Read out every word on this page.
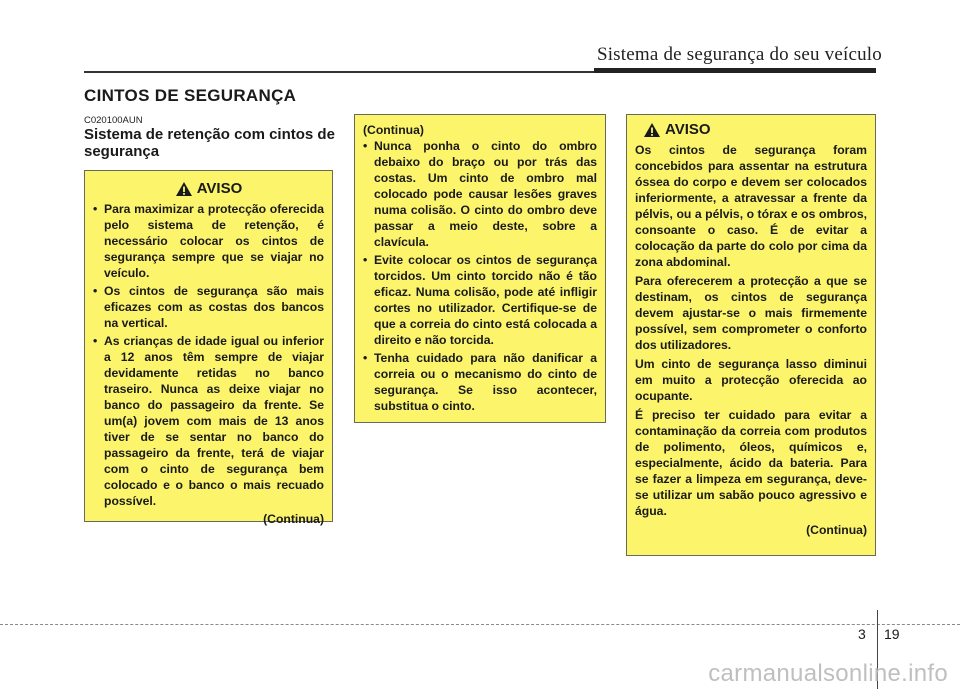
Sistema de segurança do seu veículo
CINTOS DE SEGURANÇA
C020100AUN
Sistema de retenção com cintos de segurança
AVISO
• Para maximizar a protecção oferecida pelo sistema de retenção, é necessário colocar os cintos de segurança sempre que se viajar no veículo.
• Os cintos de segurança são mais eficazes com as costas dos bancos na vertical.
• As crianças de idade igual ou inferior a 12 anos têm sempre de viajar devidamente retidas no banco traseiro. Nunca as deixe viajar no banco do passageiro da frente. Se um(a) jovem com mais de 13 anos tiver de se sentar no banco do passageiro da frente, terá de viajar com o cinto de segurança bem colocado e o banco o mais recuado possível.
(Continua)
(Continua)
• Nunca ponha o cinto do ombro debaixo do braço ou por trás das costas. Um cinto de ombro mal colocado pode causar lesões graves numa colisão. O cinto do ombro deve passar a meio deste, sobre a clavícula.
• Evite colocar os cintos de segurança torcidos. Um cinto torcido não é tão eficaz. Numa colisão, pode até infligir cortes no utilizador. Certifique-se de que a correia do cinto está colocada a direito e não torcida.
• Tenha cuidado para não danificar a correia ou o mecanismo do cinto de segurança. Se isso acontecer, substitua o cinto.
AVISO
Os cintos de segurança foram concebidos para assentar na estrutura óssea do corpo e devem ser colocados inferiormente, a atravessar a frente da pélvis, ou a pélvis, o tórax e os ombros, consoante o caso. É de evitar a colocação da parte do colo por cima da zona abdominal.
Para oferecerem a protecção a que se destinam, os cintos de segurança devem ajustar-se o mais firmemente possível, sem comprometer o conforto dos utilizadores.
Um cinto de segurança lasso diminui em muito a protecção oferecida ao ocupante.
É preciso ter cuidado para evitar a contaminação da correia com produtos de polimento, óleos, químicos e, especialmente, ácido da bateria. Para se fazer a limpeza em segurança, deve-se utilizar um sabão pouco agressivo e água.
(Continua)
3 19
carmanualsonline.info
